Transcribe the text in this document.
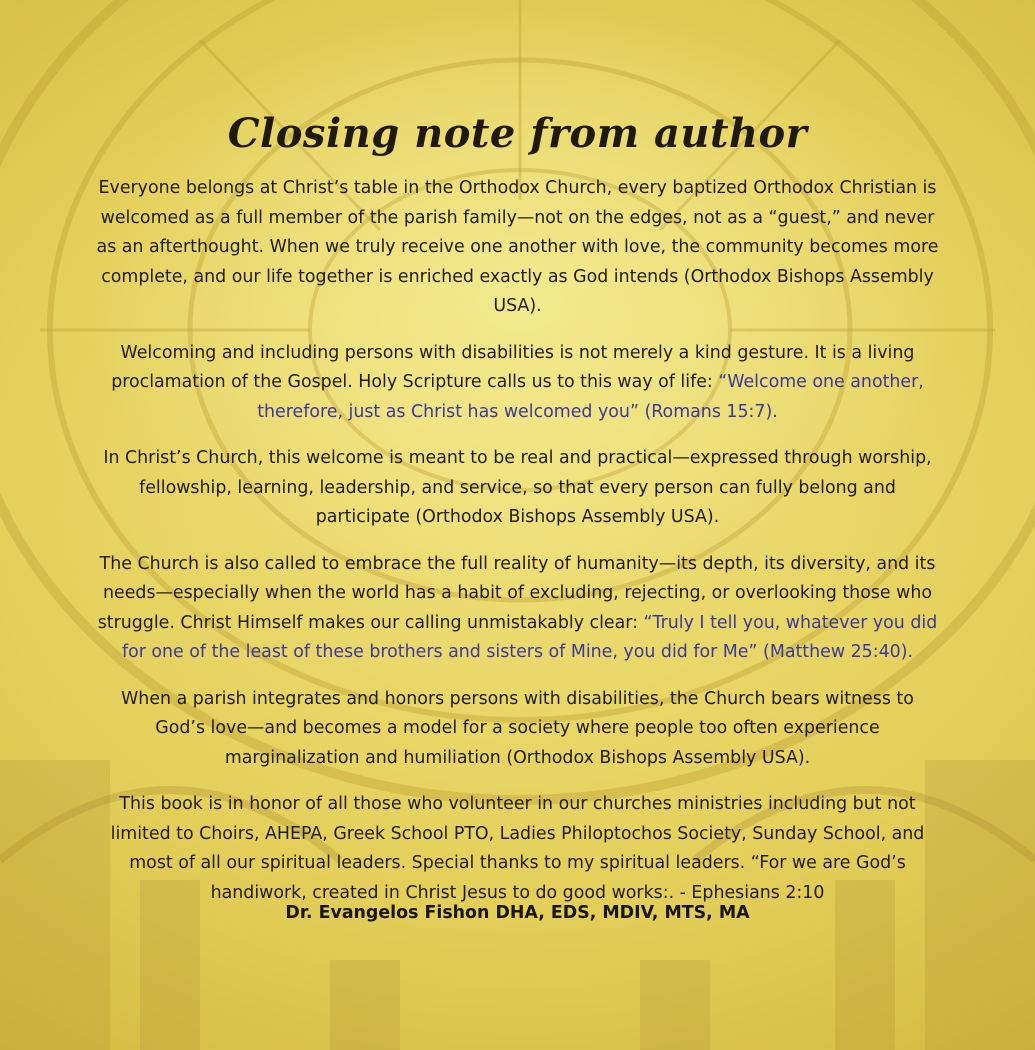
Closing note from author

Everyone belongs at Christ’s table in the Orthodox Church, every baptized Orthodox Christian is welcomed as a full member of the parish family—not on the edges, not as a “guest,” and never as an afterthought. When we truly receive one another with love, the community becomes more complete, and our life together is enriched exactly as God intends (Orthodox Bishops Assembly USA).

Welcoming and including persons with disabilities is not merely a kind gesture. It is a living proclamation of the Gospel. Holy Scripture calls us to this way of life: “Welcome one another, therefore, just as Christ has welcomed you” (Romans 15:7).

In Christ’s Church, this welcome is meant to be real and practical—expressed through worship, fellowship, learning, leadership, and service, so that every person can fully belong and participate (Orthodox Bishops Assembly USA).

The Church is also called to embrace the full reality of humanity—its depth, its diversity, and its needs—especially when the world has a habit of excluding, rejecting, or overlooking those who struggle. Christ Himself makes our calling unmistakably clear: “Truly I tell you, whatever you did for one of the least of these brothers and sisters of Mine, you did for Me” (Matthew 25:40).

When a parish integrates and honors persons with disabilities, the Church bears witness to God’s love—and becomes a model for a society where people too often experience marginalization and humiliation (Orthodox Bishops Assembly USA).

This book is in honor of all those who volunteer in our churches ministries including but not limited to Choirs, AHEPA, Greek School PTO, Ladies Philoptochos Society, Sunday School, and most of all our spiritual leaders. Special thanks to my spiritual leaders. “For we are God’s handiwork, created in Christ Jesus to do good works:. - Ephesians 2:10

Dr. Evangelos Fishon DHA, EDS, MDIV, MTS, MA
